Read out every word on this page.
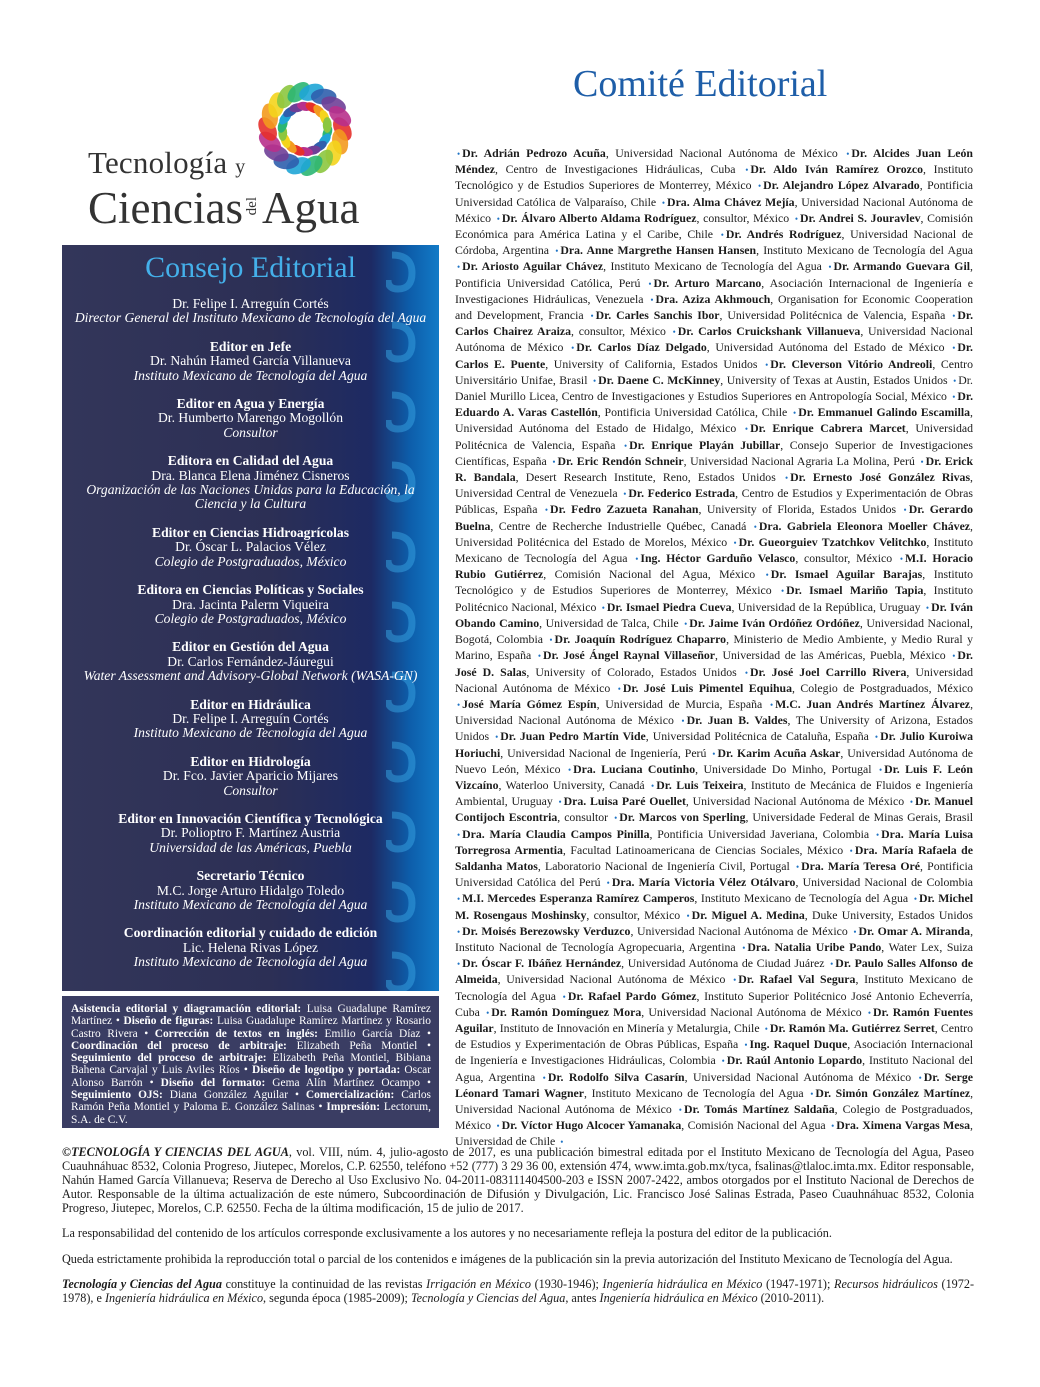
Tecnología y
CienciasdelAgua
Consejo Editorial
Dr. Felipe I. Arreguín Cortés
Director General del Instituto Mexicano de Tecnología del Agua
Editor en Jefe
Dr. Nahún Hamed García Villanueva
Instituto Mexicano de Tecnología del Agua
Editor en Agua y Energía
Dr. Humberto Marengo Mogollón
Consultor
Editora en Calidad del Agua
Dra. Blanca Elena Jiménez Cisneros
Organización de las Naciones Unidas para la Educación, la Ciencia y la Cultura
Editor en Ciencias Hidroagrícolas
Dr. Óscar L. Palacios Vélez
Colegio de Postgraduados, México
Editora en Ciencias Políticas y Sociales
Dra. Jacinta Palerm Viqueira
Colegio de Postgraduados, México
Editor en Gestión del Agua
Dr. Carlos Fernández-Jáuregui
Water Assessment and Advisory-Global Network (WASA-GN)
Editor en Hidráulica
Dr. Felipe I. Arreguín Cortés
Instituto Mexicano de Tecnología del Agua
Editor en Hidrología
Dr. Fco. Javier Aparicio Mijares
Consultor
Editor en Innovación Científica y Tecnológica
Dr. Polioptro F. Martínez Austria
Universidad de las Américas, Puebla
Secretario Técnico
M.C. Jorge Arturo Hidalgo Toledo
Instituto Mexicano de Tecnología del Agua
Coordinación editorial y cuidado de edición
Lic. Helena Rivas López
Instituto Mexicano de Tecnología del Agua
Asistencia editorial y diagramación editorial: Luisa Guadalupe Ramírez Martínez • Diseño de figuras: Luisa Guadalupe Ramírez Martínez y Rosario Castro Rivera • Corrección de textos en inglés: Emilio García Díaz • Coordinación del proceso de arbitraje: Elizabeth Peña Montiel • Seguimiento del proceso de arbitraje: Elizabeth Peña Montiel, Bibiana Bahena Carvajal y Luis Aviles Ríos • Diseño de logotipo y portada: Oscar Alonso Barrón • Diseño del formato: Gema Alín Martínez Ocampo • Seguimiento OJS: Diana González Aguilar • Comercialización: Carlos Ramón Peña Montiel y Paloma E. González Salinas • Impresión: Lectorum, S.A. de C.V.
Comité Editorial
• Dr. Adrián Pedrozo Acuña, Universidad Nacional Autónoma de México • Dr. Alcides Juan León Méndez, Centro de Investigaciones Hidráulicas, Cuba • Dr. Aldo Iván Ramírez Orozco, Instituto Tecnológico y de Estudios Superiores de Monterrey, México • Dr. Alejandro López Alvarado, Pontificia Universidad Católica de Valparaíso, Chile • Dra. Alma Chávez Mejía, Universidad Nacional Autónoma de México • Dr. Álvaro Alberto Aldama Rodríguez, consultor, México • Dr. Andrei S. Jouravlev, Comisión Económica para América Latina y el Caribe, Chile • Dr. Andrés Rodríguez, Universidad Nacional de Córdoba, Argentina • Dra. Anne Margrethe Hansen Hansen, Instituto Mexicano de Tecnología del Agua • Dr. Ariosto Aguilar Chávez, Instituto Mexicano de Tecnología del Agua • Dr. Armando Guevara Gil, Pontificia Universidad Católica, Perú • Dr. Arturo Marcano, Asociación Internacional de Ingeniería e Investigaciones Hidráulicas, Venezuela • Dra. Aziza Akhmouch, Organisation for Economic Cooperation and Development, Francia • Dr. Carles Sanchis Ibor, Universidad Politécnica de Valencia, España • Dr. Carlos Chairez Araiza, consultor, México • Dr. Carlos Cruickshank Villanueva, Universidad Nacional Autónoma de México • Dr. Carlos Díaz Delgado, Universidad Autónoma del Estado de México • Dr. Carlos E. Puente, University of California, Estados Unidos • Dr. Cleverson Vitório Andreoli, Centro Universitário Unifae, Brasil • Dr. Daene C. McKinney, University of Texas at Austin, Estados Unidos • Dr. Daniel Murillo Licea, Centro de Investigaciones y Estudios Superiores en Antropología Social, México • Dr. Eduardo A. Varas Castellón, Pontificia Universidad Católica, Chile • Dr. Emmanuel Galindo Escamilla, Universidad Autónoma del Estado de Hidalgo, México • Dr. Enrique Cabrera Marcet, Universidad Politécnica de Valencia, España • Dr. Enrique Playán Jubillar, Consejo Superior de Investigaciones Científicas, España • Dr. Eric Rendón Schneir, Universidad Nacional Agraria La Molina, Perú • Dr. Erick R. Bandala, Desert Research Institute, Reno, Estados Unidos • Dr. Ernesto José González Rivas, Universidad Central de Venezuela • Dr. Federico Estrada, Centro de Estudios y Experimentación de Obras Públicas, España • Dr. Fedro Zazueta Ranahan, University of Florida, Estados Unidos • Dr. Gerardo Buelna, Centre de Recherche Industrielle Québec, Canadá • Dra. Gabriela Eleonora Moeller Chávez, Universidad Politécnica del Estado de Morelos, México • Dr. Gueorguiev Tzatchkov Velitchko, Instituto Mexicano de Tecnología del Agua • Ing. Héctor Garduño Velasco, consultor, México • M.I. Horacio Rubio Gutiérrez, Comisión Nacional del Agua, México • Dr. Ismael Aguilar Barajas, Instituto Tecnológico y de Estudios Superiores de Monterrey, México • Dr. Ismael Mariño Tapia, Instituto Politécnico Nacional, México • Dr. Ismael Piedra Cueva, Universidad de la República, Uruguay • Dr. Iván Obando Camino, Universidad de Talca, Chile • Dr. Jaime Iván Ordóñez Ordóñez, Universidad Nacional, Bogotá, Colombia • Dr. Joaquín Rodríguez Chaparro, Ministerio de Medio Ambiente, y Medio Rural y Marino, España • Dr. José Ángel Raynal Villaseñor, Universidad de las Américas, Puebla, México • Dr. José D. Salas, University of Colorado, Estados Unidos • Dr. José Joel Carrillo Rivera, Universidad Nacional Autónoma de México • Dr. José Luis Pimentel Equihua, Colegio de Postgraduados, México • José María Gómez Espín, Universidad de Murcia, España • M.C. Juan Andrés Martínez Álvarez, Universidad Nacional Autónoma de México • Dr. Juan B. Valdes, The University of Arizona, Estados Unidos • Dr. Juan Pedro Martín Vide, Universidad Politécnica de Cataluña, España • Dr. Julio Kuroiwa Horiuchi, Universidad Nacional de Ingeniería, Perú • Dr. Karim Acuña Askar, Universidad Autónoma de Nuevo León, México • Dra. Luciana Coutinho, Universidade Do Minho, Portugal • Dr. Luis F. León Vizcaíno, Waterloo University, Canadá • Dr. Luis Teixeira, Instituto de Mecánica de Fluidos e Ingeniería Ambiental, Uruguay • Dra. Luisa Paré Ouellet, Universidad Nacional Autónoma de México • Dr. Manuel Contijoch Escontria, consultor • Dr. Marcos von Sperling, Universidade Federal de Minas Gerais, Brasil • Dra. María Claudia Campos Pinilla, Pontificia Universidad Javeriana, Colombia • Dra. María Luisa Torregrosa Armentia, Facultad Latinoamericana de Ciencias Sociales, México • Dra. María Rafaela de Saldanha Matos, Laboratorio Nacional de Ingeniería Civil, Portugal • Dra. María Teresa Oré, Pontificia Universidad Católica del Perú • Dra. María Victoria Vélez Otálvaro, Universidad Nacional de Colombia • M.I. Mercedes Esperanza Ramírez Camperos, Instituto Mexicano de Tecnología del Agua • Dr. Michel M. Rosengaus Moshinsky, consultor, México • Dr. Miguel A. Medina, Duke University, Estados Unidos • Dr. Moisés Berezowsky Verduzco, Universidad Nacional Autónoma de México • Dr. Omar A. Miranda, Instituto Nacional de Tecnología Agropecuaria, Argentina • Dra. Natalia Uribe Pando, Water Lex, Suiza • Dr. Óscar F. Ibáñez Hernández, Universidad Autónoma de Ciudad Juárez • Dr. Paulo Salles Alfonso de Almeida, Universidad Nacional Autónoma de México • Dr. Rafael Val Segura, Instituto Mexicano de Tecnología del Agua • Dr. Rafael Pardo Gómez, Instituto Superior Politécnico José Antonio Echeverría, Cuba • Dr. Ramón Domínguez Mora, Universidad Nacional Autónoma de México • Dr. Ramón Fuentes Aguilar, Instituto de Innovación en Minería y Metalurgia, Chile • Dr. Ramón Ma. Gutiérrez Serret, Centro de Estudios y Experimentación de Obras Públicas, España • Ing. Raquel Duque, Asociación Internacional de Ingeniería e Investigaciones Hidráulicas, Colombia • Dr. Raúl Antonio Lopardo, Instituto Nacional del Agua, Argentina • Dr. Rodolfo Silva Casarín, Universidad Nacional Autónoma de México • Dr. Serge Léonard Tamari Wagner, Instituto Mexicano de Tecnología del Agua • Dr. Simón González Martínez, Universidad Nacional Autónoma de México • Dr. Tomás Martínez Saldaña, Colegio de Postgraduados, México • Dr. Víctor Hugo Alcocer Yamanaka, Comisión Nacional del Agua • Dra. Ximena Vargas Mesa, Universidad de Chile •

©TECNOLOGÍA Y CIENCIAS DEL AGUA, vol. VIII, núm. 4, julio-agosto de 2017, es una publicación bimestral editada por el Instituto Mexicano de Tecnología del Agua, Paseo Cuauhnáhuac 8532, Colonia Progreso, Jiutepec, Morelos, C.P. 62550, teléfono +52 (777) 3 29 36 00, extensión 474, www.imta.gob.mx/tyca, fsalinas@tlaloc.imta.mx. Editor responsable, Nahún Hamed García Villanueva; Reserva de Derecho al Uso Exclusivo No. 04-2011-083111404500-203 e ISSN 2007-2422, ambos otorgados por el Instituto Nacional de Derechos de Autor. Responsable de la última actualización de este número, Subcoordinación de Difusión y Divulgación, Lic. Francisco José Salinas Estrada, Paseo Cuauhnáhuac 8532, Colonia Progreso, Jiutepec, Morelos, C.P. 62550. Fecha de la última modificación, 15 de julio de 2017.

La responsabilidad del contenido de los artículos corresponde exclusivamente a los autores y no necesariamente refleja la postura del editor de la publicación.

Queda estrictamente prohibida la reproducción total o parcial de los contenidos e imágenes de la publicación sin la previa autorización del Instituto Mexicano de Tecnología del Agua.

Tecnología y Ciencias del Agua constituye la continuidad de las revistas Irrigación en México (1930-1946); Ingeniería hidráulica en México (1947-1971); Recursos hidráulicos (1972-1978), e Ingeniería hidráulica en México, segunda época (1985-2009); Tecnología y Ciencias del Agua, antes Ingeniería hidráulica en México (2010-2011).
